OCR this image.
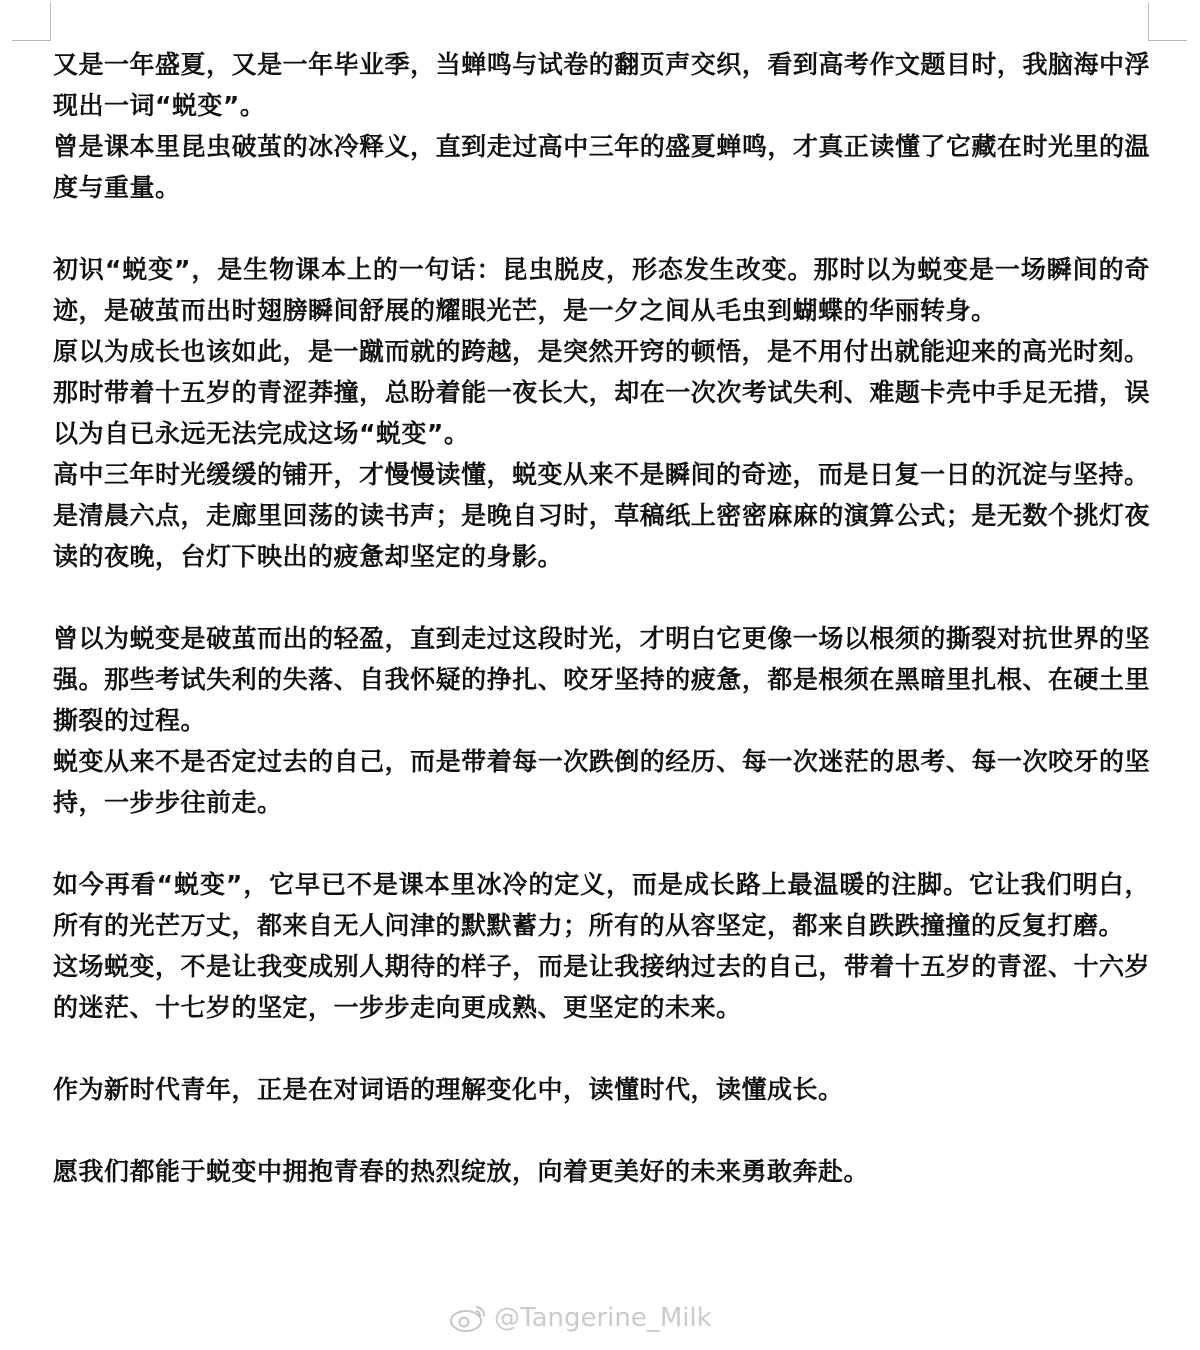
又是一年盛夏，又是一年毕业季，当蝉鸣与试卷的翻页声交织，看到高考作文题目时，我脑海中浮现出一词“蜕变”。

曾是课本里昆虫破茧的冰冷释义，直到走过高中三年的盛夏蝉鸣，才真正读懂了它藏在时光里的温度与重量。

初识“蜕变”，是生物课本上的一句话：昆虫脱皮，形态发生改变。那时以为蜕变是一场瞬间的奇迹，是破茧而出时翅膀瞬间舒展的耀眼光芒，是一夕之间从毛虫到蝴蝶的华丽转身。

原以为成长也该如此，是一蹴而就的跨越，是突然开窍的顿悟，是不用付出就能迎来的高光时刻。

那时带着十五岁的青涩莽撞，总盼着能一夜长大，却在一次次考试失利、难题卡壳中手足无措，误以为自已永远无法完成这场“蜕变”。

高中三年时光缓缓的铺开，才慢慢读懂，蜕变从来不是瞬间的奇迹，而是日复一日的沉淀与坚持。

是清晨六点，走廊里回荡的读书声；是晚自习时，草稿纸上密密麻麻的演算公式；是无数个挑灯夜读的夜晚，台灯下映出的疲惫却坚定的身影。

曾以为蜕变是破茧而出的轻盈，直到走过这段时光，才明白它更像一场以根须的撕裂对抗世界的坚强。那些考试失利的失落、自我怀疑的挣扎、咬牙坚持的疲惫，都是根须在黑暗里扎根、在硬土里撕裂的过程。

蜕变从来不是否定过去的自己，而是带着每一次跌倒的经历、每一次迷茫的思考、每一次咬牙的坚持，一步步往前走。

如今再看“蜕变”，它早已不是课本里冰冷的定义，而是成长路上最温暖的注脚。它让我们明白，所有的光芒万丈，都来自无人问津的默默蓄力；所有的从容坚定，都来自跌跌撞撞的反复打磨。

这场蜕变，不是让我变成别人期待的样子，而是让我接纳过去的自己，带着十五岁的青涩、十六岁的迷茫、十七岁的坚定，一步步走向更成熟、更坚定的未来。

作为新时代青年，正是在对词语的理解变化中，读懂时代，读懂成长。

愿我们都能于蜕变中拥抱青春的热烈绽放，向着更美好的未来勇敢奔赴。

@Tangerine_Milk
